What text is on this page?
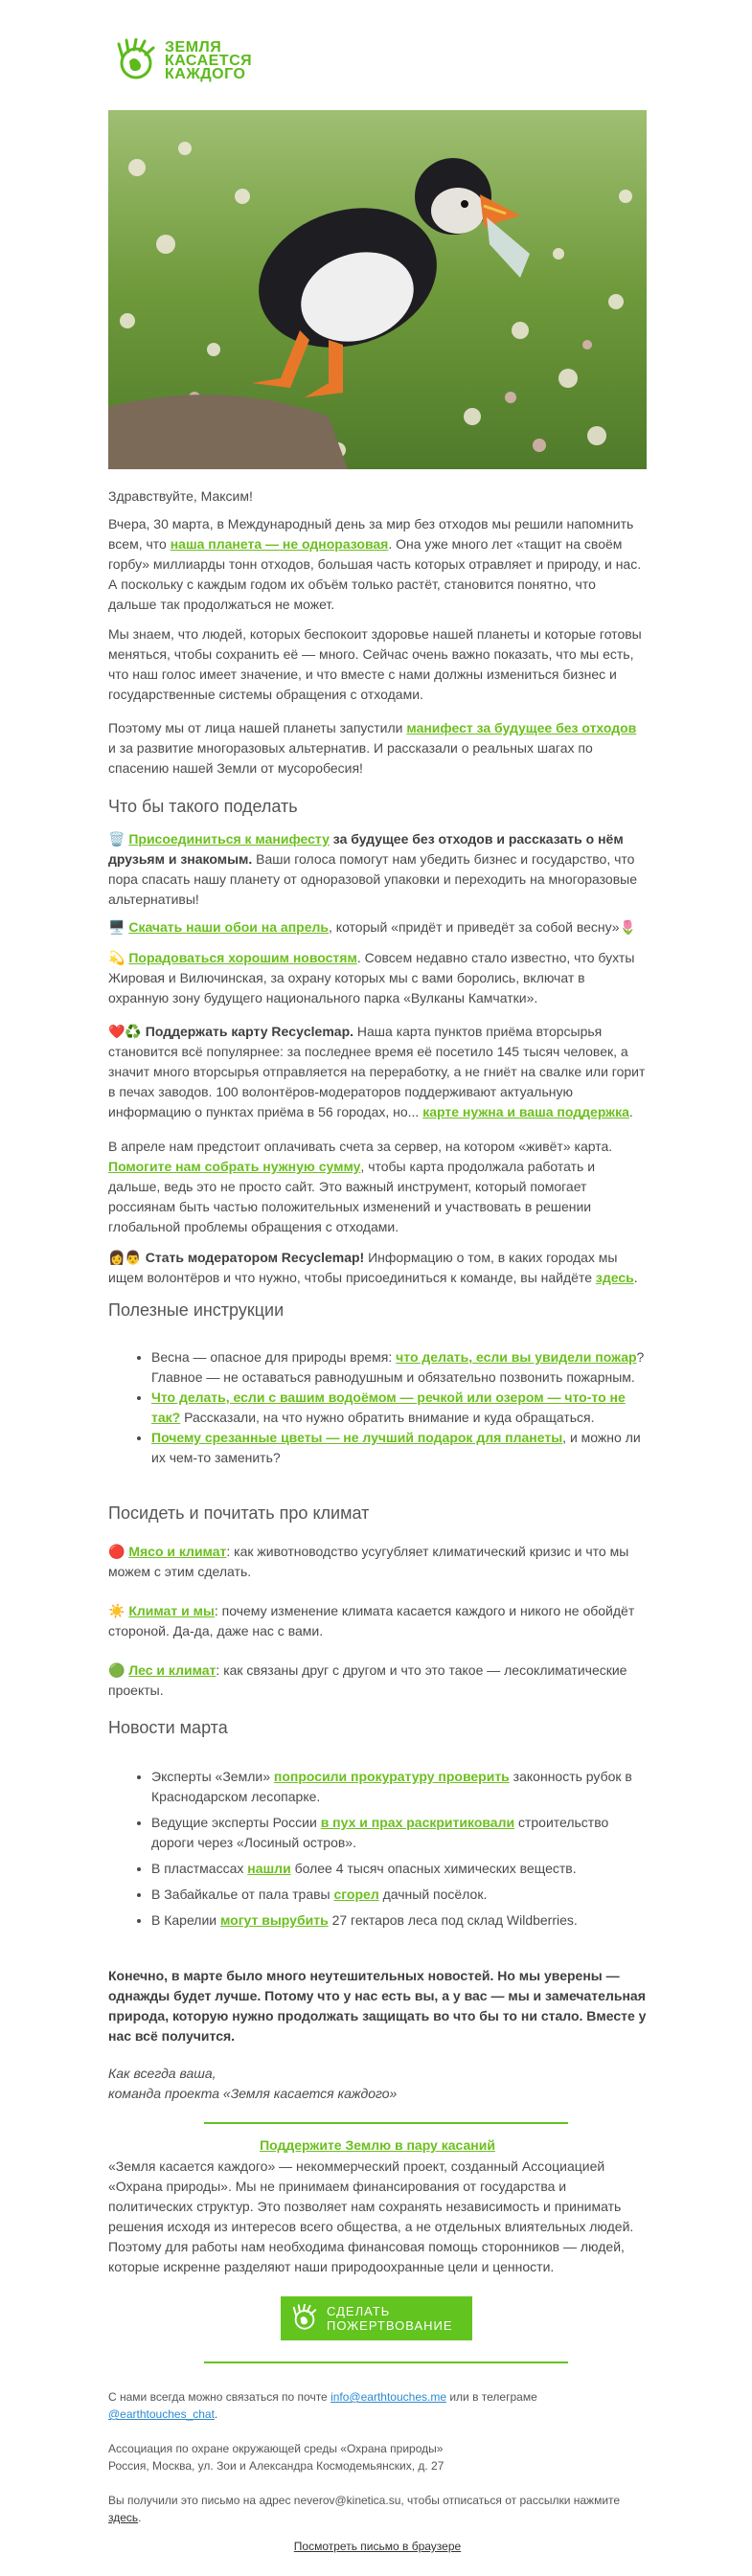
ЗЕМЛЯ
КАСАЕТСЯ
КАЖДОГО

Здравствуйте, Максим!

Вчера, 30 марта, в Международный день за мир без отходов мы решили напомнить всем, что наша планета — не одноразовая. Она уже много лет «тащит на своём горбу» миллиарды тонн отходов, большая часть которых отравляет и природу, и нас. А поскольку с каждым годом их объём только растёт, становится понятно, что дальше так продолжаться не может.

Мы знаем, что людей, которых беспокоит здоровье нашей планеты и которые готовы меняться, чтобы сохранить её — много. Сейчас очень важно показать, что мы есть, что наш голос имеет значение, и что вместе с нами должны измениться бизнес и государственные системы обращения с отходами.

Поэтому мы от лица нашей планеты запустили манифест за будущее без отходов и за развитие многоразовых альтернатив. И рассказали о реальных шагах по спасению нашей Земли от мусоробесия!

Что бы такого поделать

🗑️ Присоединиться к манифесту за будущее без отходов и рассказать о нём друзьям и знакомым. Ваши голоса помогут нам убедить бизнес и государство, что пора спасать нашу планету от одноразовой упаковки и переходить на многоразовые альтернативы!

🖥️ Скачать наши обои на апрель, который «придёт и приведёт за собой весну»🌷

💫 Порадоваться хорошим новостям. Совсем недавно стало известно, что бухты Жировая и Вилючинская, за охрану которых мы с вами боролись, включат в охранную зону будущего национального парка «Вулканы Камчатки».

❤️♻️ Поддержать карту Recyclemap. Наша карта пунктов приёма вторсырья становится всё популярнее: за последнее время её посетило 145 тысяч человек, а значит много вторсырья отправляется на переработку, а не гниёт на свалке или горит в печах заводов. 100 волонтёров-модераторов поддерживают актуальную информацию о пунктах приёма в 56 городах, но... карте нужна и ваша поддержка.

В апреле нам предстоит оплачивать счета за сервер, на котором «живёт» карта. Помогите нам собрать нужную сумму, чтобы карта продолжала работать и дальше, ведь это не просто сайт. Это важный инструмент, который помогает россиянам быть частью положительных изменений и участвовать в решении глобальной проблемы обращения с отходами.

👩👨 Стать модератором Recyclemap! Информацию о том, в каких городах мы ищем волонтёров и что нужно, чтобы присоединиться к команде, вы найдёте здесь.

Полезные инструкции
• Весна — опасное для природы время: что делать, если вы увидели пожар? Главное — не оставаться равнодушным и обязательно позвонить пожарным.
• Что делать, если с вашим водоёмом — речкой или озером — что-то не так? Рассказали, на что нужно обратить внимание и куда обращаться.
• Почему срезанные цветы — не лучший подарок для планеты, и можно ли их чем-то заменить?
Посидеть и почитать про климат

🔴 Мясо и климат: как животноводство усугубляет климатический кризис и что мы можем с этим сделать.

☀️ Климат и мы: почему изменение климата касается каждого и никого не обойдёт стороной. Да-да, даже нас с вами.

🟢 Лес и климат: как связаны друг с другом и что это такое — лесоклиматические проекты.

Новости марта
• Эксперты «Земли» попросили прокуратуру проверить законность рубок в Краснодарском лесопарке.
• Ведущие эксперты России в пух и прах раскритиковали строительство дороги через «Лосиный остров».
• В пластмассах нашли более 4 тысяч опасных химических веществ.
• В Забайкалье от пала травы сгорел дачный посёлок.
• В Карелии могут вырубить 27 гектаров леса под склад Wildberries.

Конечно, в марте было много неутешительных новостей. Но мы уверены — однажды будет лучше. Потому что у нас есть вы, а у вас — мы и замечательная природа, которую нужно продолжать защищать во что бы то ни стало. Вместе у нас всё получится.

Как всегда ваша,
команда проекта «Земля касается каждого»

Поддержите Землю в пару касаний

«Земля касается каждого» — некоммерческий проект, созданный Ассоциацией «Охрана природы». Мы не принимаем финансирования от государства и политических структур. Это позволяет нам сохранять независимость и принимать решения исходя из интересов всего общества, а не отдельных влиятельных людей. Поэтому для работы нам необходима финансовая помощь сторонников — людей, которые искренне разделяют наши природоохранные цели и ценности.

СДЕЛАТЬ
ПОЖЕРТВОВАНИЕ

С нами всегда можно связаться по почте info@earthtouches.me или в телеграме
@earthtouches_chat.

Ассоциация по охране окружающей среды «Охрана природы»
Россия, Москва, ул. Зои и Александра Космодемьянских, д. 27

Вы получили это письмо на адрес neverov@kinetica.su, чтобы отписаться от рассылки нажмите
здесь.

Посмотреть письмо в браузере
